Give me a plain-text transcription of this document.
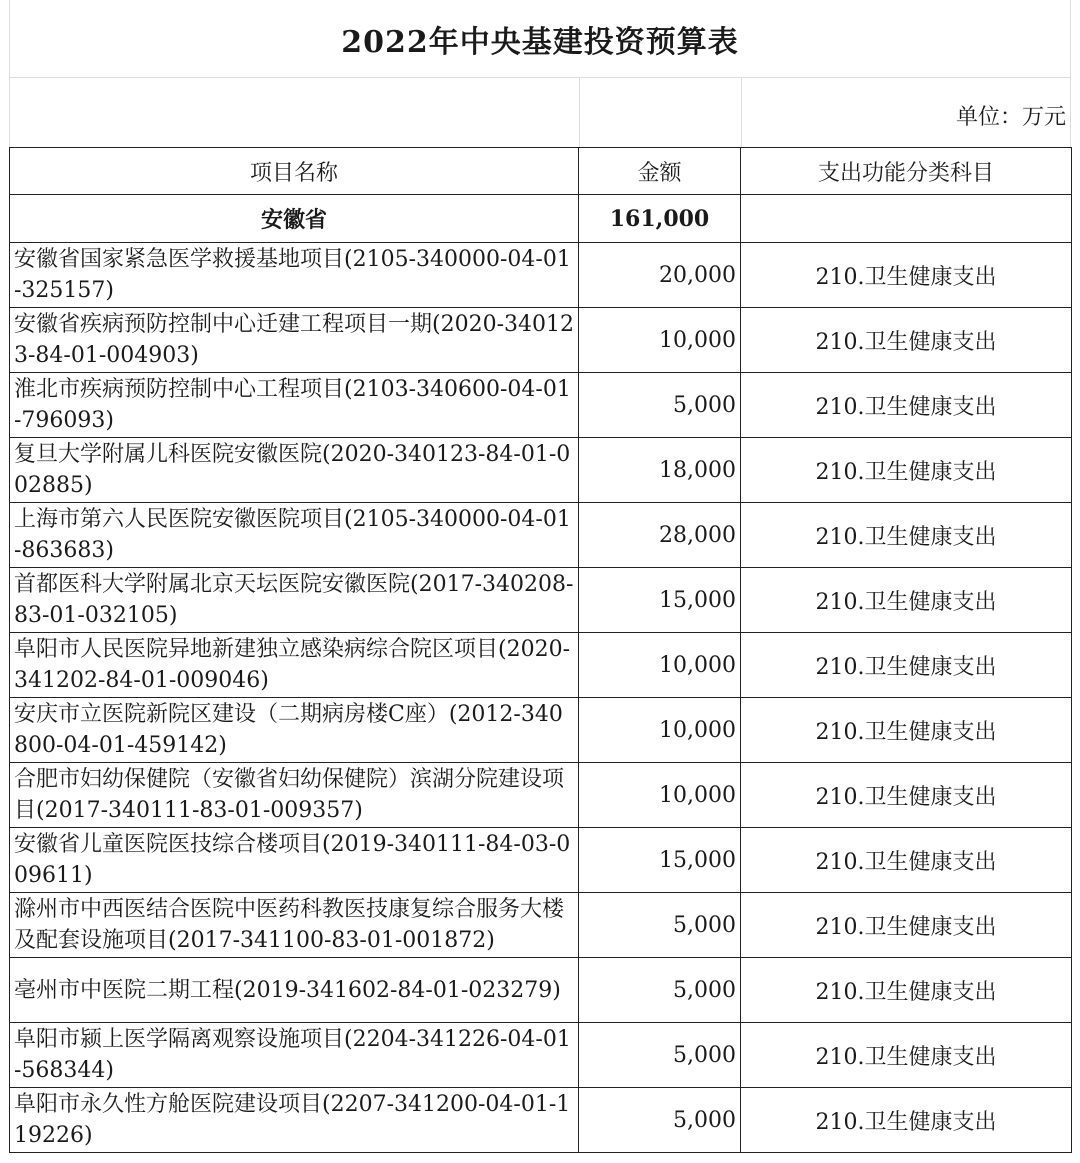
2022年中央基建投资预算表
单位：万元
项目名称	金额	支出功能分类科目
安徽省	161,000	
安徽省国家紧急医学救援基地项目(2105-340000-04-01-325157)	20,000	210.卫生健康支出
安徽省疾病预防控制中心迁建工程项目一期(2020-340123-84-01-004903)	10,000	210.卫生健康支出
淮北市疾病预防控制中心工程项目(2103-340600-04-01-796093)	5,000	210.卫生健康支出
复旦大学附属儿科医院安徽医院(2020-340123-84-01-002885)	18,000	210.卫生健康支出
上海市第六人民医院安徽医院项目(2105-340000-04-01-863683)	28,000	210.卫生健康支出
首都医科大学附属北京天坛医院安徽医院(2017-340208-83-01-032105)	15,000	210.卫生健康支出
阜阳市人民医院异地新建独立感染病综合院区项目(2020-341202-84-01-009046)	10,000	210.卫生健康支出
安庆市立医院新院区建设（二期病房楼C座）(2012-340800-04-01-459142)	10,000	210.卫生健康支出
合肥市妇幼保健院（安徽省妇幼保健院）滨湖分院建设项目(2017-340111-83-01-009357)	10,000	210.卫生健康支出
安徽省儿童医院医技综合楼项目(2019-340111-84-03-009611)	15,000	210.卫生健康支出
滁州市中西医结合医院中医药科教医技康复综合服务大楼及配套设施项目(2017-341100-83-01-001872)	5,000	210.卫生健康支出
亳州市中医院二期工程(2019-341602-84-01-023279)	5,000	210.卫生健康支出
阜阳市颍上医学隔离观察设施项目(2204-341226-04-01-568344)	5,000	210.卫生健康支出
阜阳市永久性方舱医院建设项目(2207-341200-04-01-119226)	5,000	210.卫生健康支出
